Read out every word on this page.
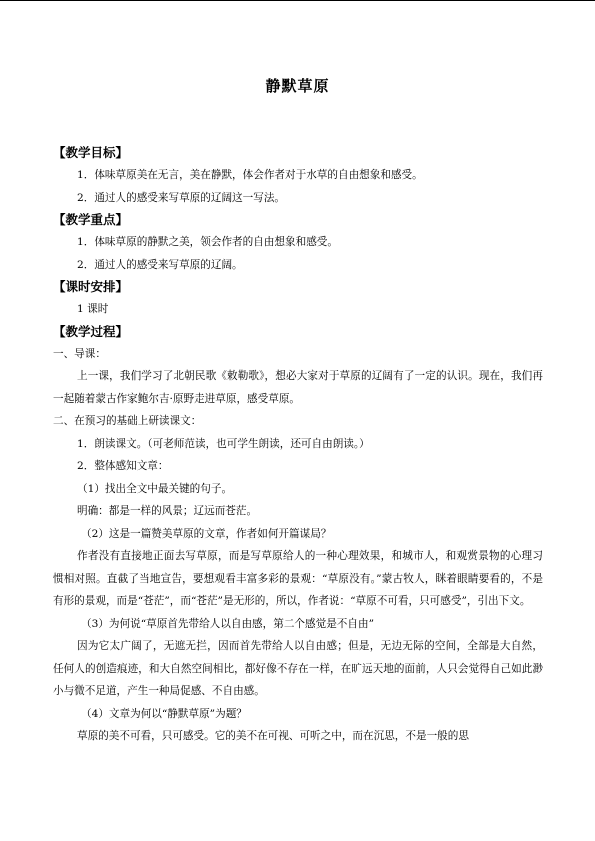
静默草原
【教学目标】
1．体味草原美在无言，美在静默，体会作者对于水草的自由想象和感受。
2．通过人的感受来写草原的辽阔这一写法。
【教学重点】
1．体味草原的静默之美，领会作者的自由想象和感受。
2．通过人的感受来写草原的辽阔。
【课时安排】
1 课时
【教学过程】
一、导课：
上一课，我们学习了北朝民歌《敕勒歌》，想必大家对于草原的辽阔有了一定的认识。现在，我们再一起随着蒙古作家鲍尔吉·原野走进草原，感受草原。
二、在预习的基础上研读课文：
1．朗读课文。（可老师范读，也可学生朗读，还可自由朗读。）
2．整体感知文章：
（1）找出全文中最关键的句子。
明确：都是一样的风景；辽远而苍茫。
（2）这是一篇赞美草原的文章，作者如何开篇谋局？
作者没有直接地正面去写草原，而是写草原给人的一种心理效果，和城市人，和观赏景物的心理习惯相对照。直截了当地宣告，要想观看丰富多彩的景观：“草原没有。”蒙古牧人，眯着眼睛要看的，不是有形的景观，而是“苍茫”，而“苍茫”是无形的，所以，作者说：“草原不可看，只可感受”，引出下文。
（3）为何说“草原首先带给人以自由感，第二个感觉是不自由”
因为它太广阔了，无遮无拦，因而首先带给人以自由感；但是，无边无际的空间，全部是大自然，任何人的创造痕迹，和大自然空间相比，都好像不存在一样，在旷远天地的面前，人只会觉得自己如此渺小与微不足道，产生一种局促感、不自由感。
（4）文章为何以“静默草原”为题？
草原的美不可看，只可感受。它的美不在可视、可听之中，而在沉思，不是一般的思
